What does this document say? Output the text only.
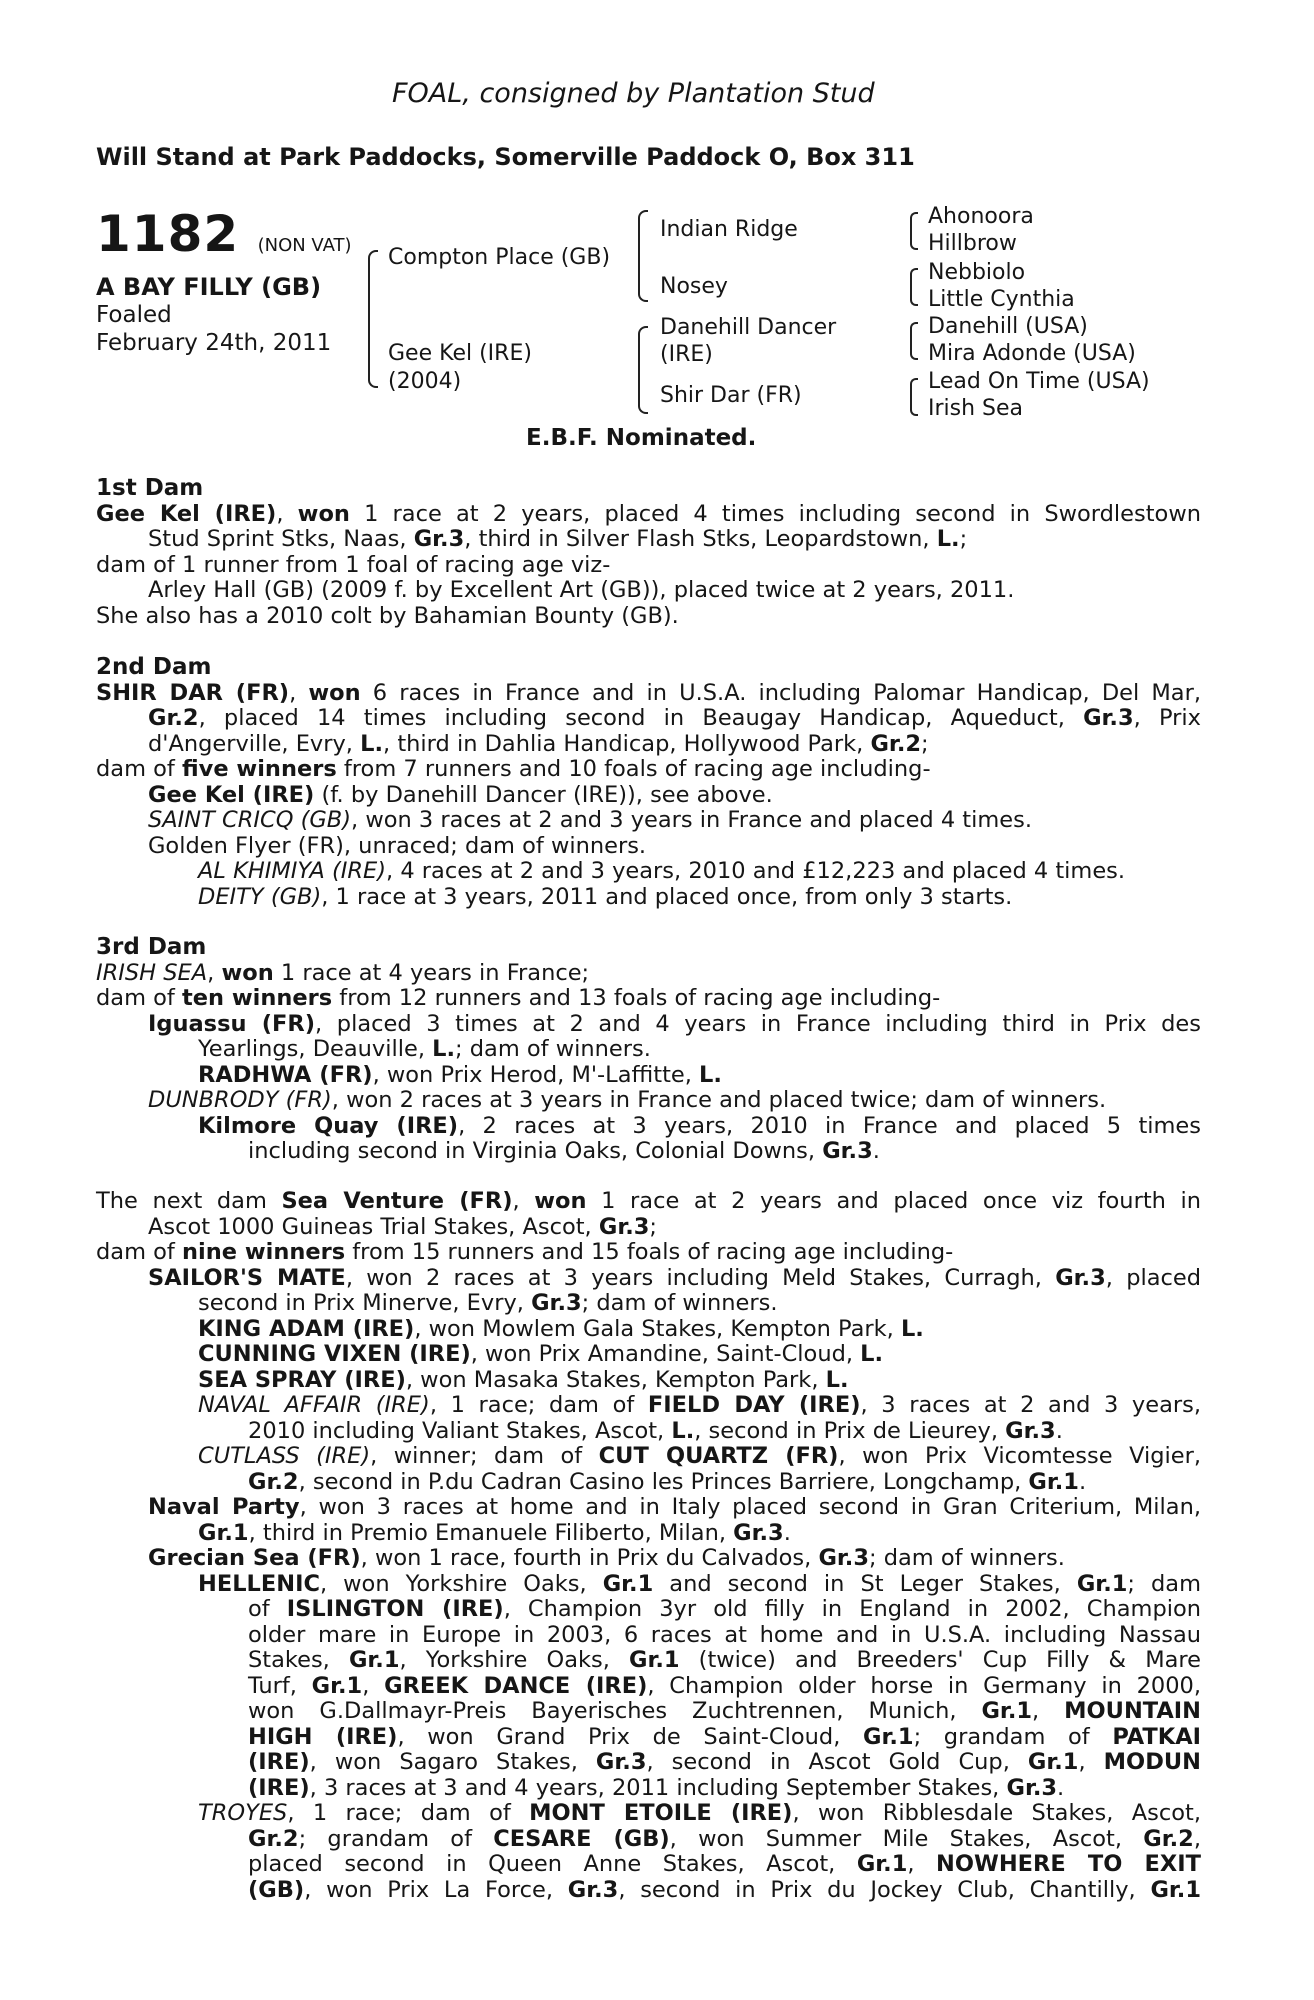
FOAL, consigned by Plantation Stud
Will Stand at Park Paddocks, Somerville Paddock O, Box 311
1182 (NON VAT)
A BAY FILLY (GB)
Foaled
February 24th, 2011
Compton Place (GB)
Gee Kel (IRE)
(2004)
Indian Ridge
Nosey
Danehill Dancer
(IRE)
Shir Dar (FR)
Ahonoora
Hillbrow
Nebbiolo
Little Cynthia
Danehill (USA)
Mira Adonde (USA)
Lead On Time (USA)
Irish Sea
E.B.F. Nominated.
1st Dam
Gee Kel (IRE), won 1 race at 2 years, placed 4 times including second in Swordlestown
Stud Sprint Stks, Naas, Gr.3, third in Silver Flash Stks, Leopardstown, L.;
dam of 1 runner from 1 foal of racing age viz-
Arley Hall (GB) (2009 f. by Excellent Art (GB)), placed twice at 2 years, 2011.
She also has a 2010 colt by Bahamian Bounty (GB).
2nd Dam
SHIR DAR (FR), won 6 races in France and in U.S.A. including Palomar Handicap, Del Mar,
Gr.2, placed 14 times including second in Beaugay Handicap, Aqueduct, Gr.3, Prix
d'Angerville, Evry, L., third in Dahlia Handicap, Hollywood Park, Gr.2;
dam of five winners from 7 runners and 10 foals of racing age including-
Gee Kel (IRE) (f. by Danehill Dancer (IRE)), see above.
SAINT CRICQ (GB), won 3 races at 2 and 3 years in France and placed 4 times.
Golden Flyer (FR), unraced; dam of winners.
AL KHIMIYA (IRE), 4 races at 2 and 3 years, 2010 and £12,223 and placed 4 times.
DEITY (GB), 1 race at 3 years, 2011 and placed once, from only 3 starts.
3rd Dam
IRISH SEA, won 1 race at 4 years in France;
dam of ten winners from 12 runners and 13 foals of racing age including-
Iguassu (FR), placed 3 times at 2 and 4 years in France including third in Prix des
Yearlings, Deauville, L.; dam of winners.
RADHWA (FR), won Prix Herod, M'-Laffitte, L.
DUNBRODY (FR), won 2 races at 3 years in France and placed twice; dam of winners.
Kilmore Quay (IRE), 2 races at 3 years, 2010 in France and placed 5 times
including second in Virginia Oaks, Colonial Downs, Gr.3.
The next dam Sea Venture (FR), won 1 race at 2 years and placed once viz fourth in
Ascot 1000 Guineas Trial Stakes, Ascot, Gr.3;
dam of nine winners from 15 runners and 15 foals of racing age including-
SAILOR'S MATE, won 2 races at 3 years including Meld Stakes, Curragh, Gr.3, placed
second in Prix Minerve, Evry, Gr.3; dam of winners.
KING ADAM (IRE), won Mowlem Gala Stakes, Kempton Park, L.
CUNNING VIXEN (IRE), won Prix Amandine, Saint-Cloud, L.
SEA SPRAY (IRE), won Masaka Stakes, Kempton Park, L.
NAVAL AFFAIR (IRE), 1 race; dam of FIELD DAY (IRE), 3 races at 2 and 3 years,
2010 including Valiant Stakes, Ascot, L., second in Prix de Lieurey, Gr.3.
CUTLASS (IRE), winner; dam of CUT QUARTZ (FR), won Prix Vicomtesse Vigier,
Gr.2, second in P.du Cadran Casino les Princes Barriere, Longchamp, Gr.1.
Naval Party, won 3 races at home and in Italy placed second in Gran Criterium, Milan,
Gr.1, third in Premio Emanuele Filiberto, Milan, Gr.3.
Grecian Sea (FR), won 1 race, fourth in Prix du Calvados, Gr.3; dam of winners.
HELLENIC, won Yorkshire Oaks, Gr.1 and second in St Leger Stakes, Gr.1; dam
of ISLINGTON (IRE), Champion 3yr old filly in England in 2002, Champion
older mare in Europe in 2003, 6 races at home and in U.S.A. including Nassau
Stakes, Gr.1, Yorkshire Oaks, Gr.1 (twice) and Breeders' Cup Filly & Mare
Turf, Gr.1, GREEK DANCE (IRE), Champion older horse in Germany in 2000,
won G.Dallmayr-Preis Bayerisches Zuchtrennen, Munich, Gr.1, MOUNTAIN
HIGH (IRE), won Grand Prix de Saint-Cloud, Gr.1; grandam of PATKAI
(IRE), won Sagaro Stakes, Gr.3, second in Ascot Gold Cup, Gr.1, MODUN
(IRE), 3 races at 3 and 4 years, 2011 including September Stakes, Gr.3.
TROYES, 1 race; dam of MONT ETOILE (IRE), won Ribblesdale Stakes, Ascot,
Gr.2; grandam of CESARE (GB), won Summer Mile Stakes, Ascot, Gr.2,
placed second in Queen Anne Stakes, Ascot, Gr.1, NOWHERE TO EXIT
(GB), won Prix La Force, Gr.3, second in Prix du Jockey Club, Chantilly, Gr.1
